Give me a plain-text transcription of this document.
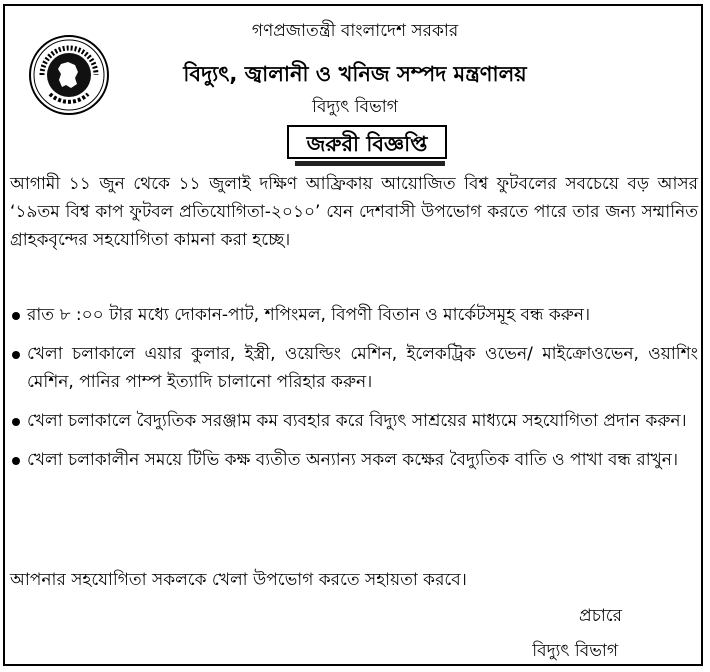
গণপ্রজাতন্ত্রী বাংলাদেশ সরকার
বিদ্যুৎ, জ্বালানী ও খনিজ সম্পদ মন্ত্রণালয়
বিদ্যুৎ বিভাগ
জরুরী বিজ্ঞপ্তি

আগামী ১১ জুন থেকে ১১ জুলাই দক্ষিণ আফ্রিকায় আয়োজিত বিশ্ব ফুটবলের সবচেয়ে বড় আসর ‘১৯তম বিশ্ব কাপ ফুটবল প্রতিযোগিতা-২০১০’ যেন দেশবাসী উপভোগ করতে পারে তার জন্য সম্মানিত গ্রাহকবৃন্দের সহযোগিতা কামনা করা হচ্ছে।

রাত ৮ :০০ টার মধ্যে দোকান-পাট, শপিংমল, বিপণী বিতান ও মার্কেটসমূহ বন্ধ করুন।
খেলা চলাকালে এয়ার কুলার, ইস্ত্রী, ওয়েল্ডিং মেশিন, ইলেকট্রিক ওভেন/ মাইক্রোওভেন, ওয়াশিং মেশিন, পানির পাম্প ইত্যাদি চালানো পরিহার করুন।
খেলা চলাকালে বৈদ্যুতিক সরঞ্জাম কম ব্যবহার করে বিদ্যুৎ সাশ্রয়ের মাধ্যমে সহযোগিতা প্রদান করুন।
খেলা চলাকালীন সময়ে টিভি কক্ষ ব্যতীত অন্যান্য সকল কক্ষের বৈদ্যুতিক বাতি ও পাখা বন্ধ রাখুন।

আপনার সহযোগিতা সকলকে খেলা উপভোগ করতে সহায়তা করবে।

প্রচারে
বিদ্যুৎ বিভাগ
